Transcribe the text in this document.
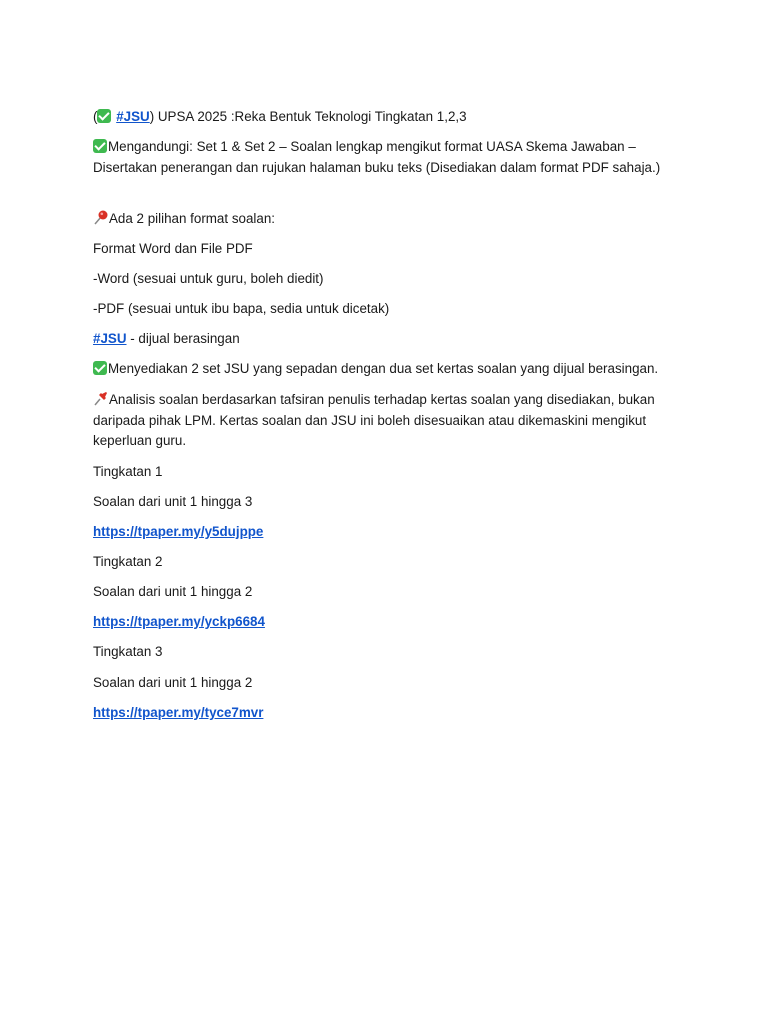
( #JSU) UPSA 2025 :Reka Bentuk Teknologi Tingkatan 1,2,3

Mengandungi: Set 1 & Set 2 – Soalan lengkap mengikut format UASA Skema Jawaban – Disertakan penerangan dan rujukan halaman buku teks (Disediakan dalam format PDF sahaja.)

Ada 2 pilihan format soalan:

Format Word dan File PDF

-Word (sesuai untuk guru, boleh diedit)

-PDF (sesuai untuk ibu bapa, sedia untuk dicetak)

#JSU - dijual berasingan

Menyediakan 2 set JSU yang sepadan dengan dua set kertas soalan yang dijual berasingan.

Analisis soalan berdasarkan tafsiran penulis terhadap kertas soalan yang disediakan, bukan daripada pihak LPM. Kertas soalan dan JSU ini boleh disesuaikan atau dikemaskini mengikut keperluan guru.

Tingkatan 1

Soalan dari unit 1 hingga 3

https://tpaper.my/y5dujppe

Tingkatan 2

Soalan dari unit 1 hingga 2

https://tpaper.my/yckp6684

Tingkatan 3

Soalan dari unit 1 hingga 2

https://tpaper.my/tyce7mvr
